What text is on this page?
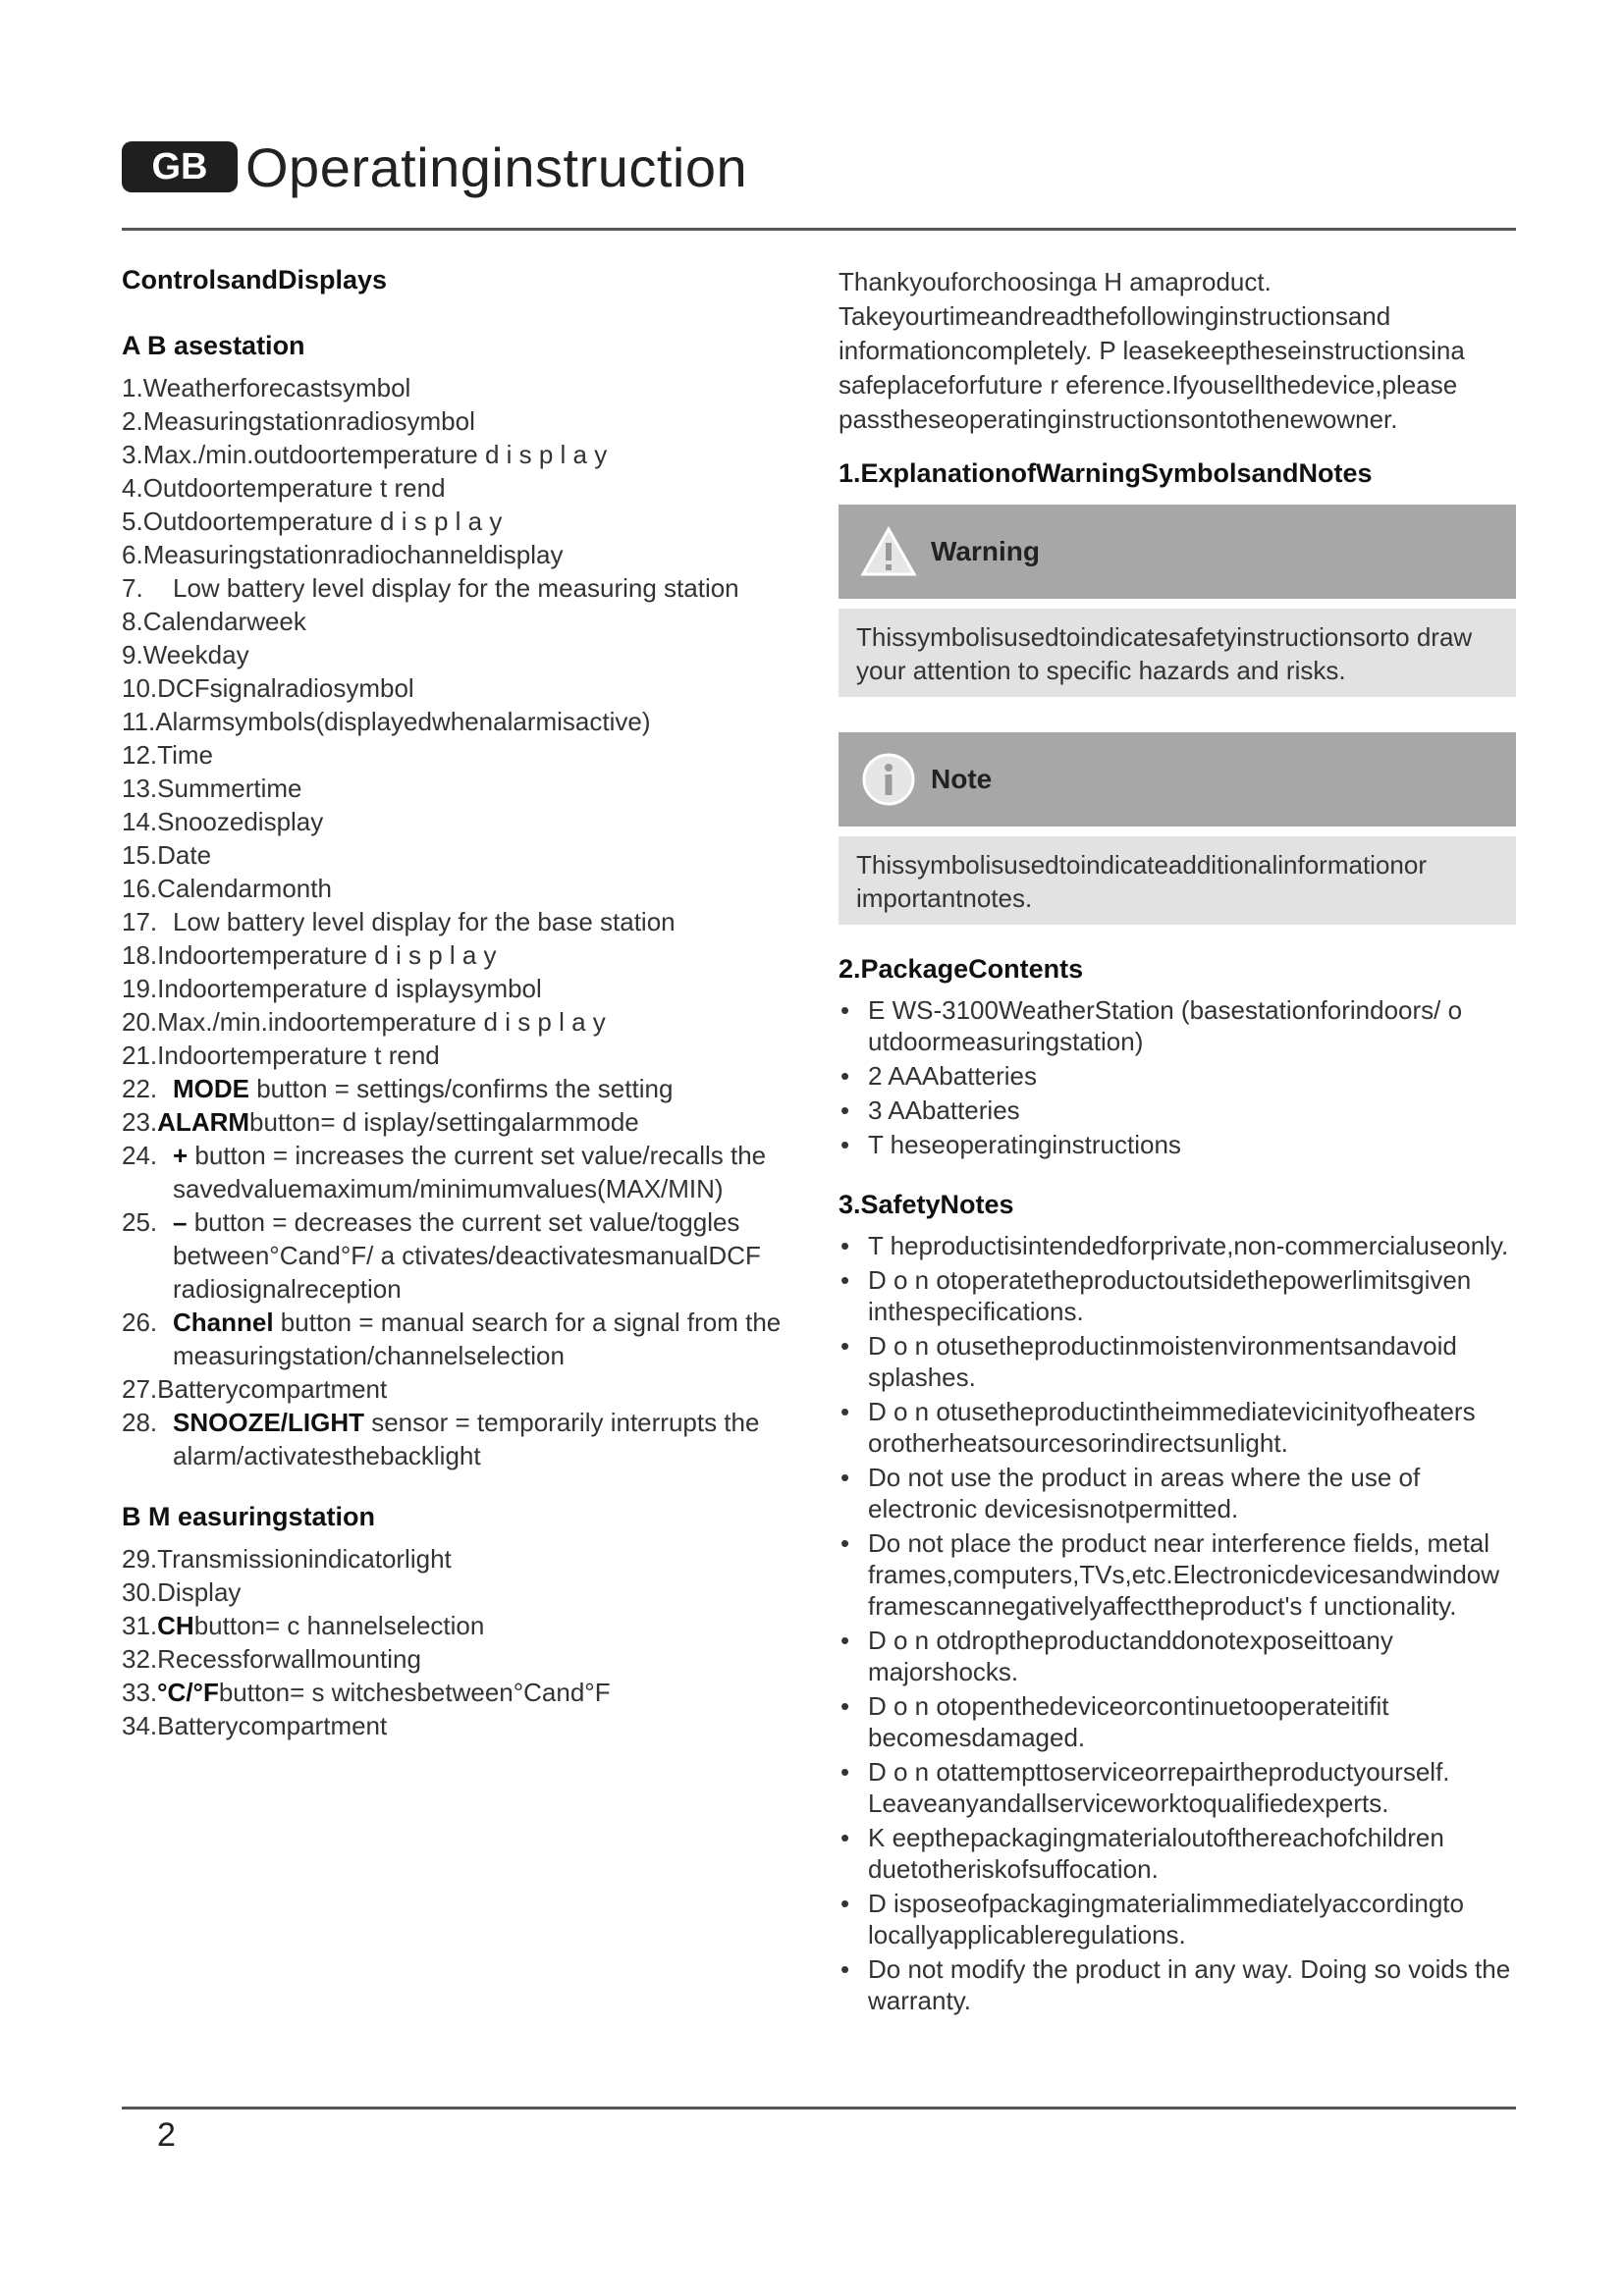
GB Operatinginstruction
ControlsandDisplays
A B asestation
1. Weatherforecastsymbol
2. Measuringstationradiosymbol
3. Max./min.outdoortemperature d i s p l a y
4. Outdoortemperature t rend
5. Outdoortemperature d i s p l a y
6. Measuringstationradiochanneldisplay
7.	Low battery level display for the measuring station
8. Calendarweek
9. Weekday
10. DCFsignalradiosymbol
11. Alarmsymbols(displayedwhenalarmisactive)
12. Time
13. Summertime
14. Snoozedisplay
15. Date
16. Calendarmonth
17. Low battery level display for the base station
18. Indoortemperature d i s p l a y
19. Indoortemperature d isplaysymbol
20. Max./min.indoortemperature d i s p l a y
21. Indoortemperature t rend
22. MODE button = settings/confirms the setting
23. ALARMbutton= d isplay/settingalarmmode
24. + button = increases the current set value/recalls the savedvaluemaximum/minimumvalues(MAX/MIN)
25. – button = decreases the current set value/toggles between°Cand°F/ a ctivates/deactivatesmanualDCF radiosignalreception
26. Channel button = manual search for a signal from the measuringstation/channelselection
27. Batterycompartment
28. SNOOZE/LIGHT sensor = temporarily interrupts the alarm/activatesthebacklight
B M easuringstation
29. Transmissionindicatorlight
30. Display
31. CHbutton= c hannelselection
32. Recessforwallmounting
33. °C/°Fbutton= s witchesbetween°Cand°F
34. Batterycompartment

Thankyouforchoosinga H amaproduct.
Takeyourtimeandreadthefollowinginstructionsand informationcompletely. P leasekeeptheseinstructionsina safeplaceforfuture r eference.Ifyousellthedevice,please passtheseoperatinginstructionsontothenewowner.

1.ExplanationofWarningSymbolsandNotes
Warning
Thissymbolisusedtoindicatesafetyinstructionsorto draw your attention to specific hazards and risks.
Note
Thissymbolisusedtoindicateadditionalinformationor importantnotes.
2.PackageContents
• E WS-3100WeatherStation (basestationforindoors/ o utdoormeasuringstation)
• 2 AAAbatteries
• 3 AAbatteries
• T heseoperatinginstructions
3.SafetyNotes
• T heproductisintendedforprivate,non-commercialuseonly.
• D o n otoperatetheproductoutsidethepowerlimitsgiven inthespecifications.
• D o n otusetheproductinmoistenvironmentsandavoid splashes.
• D o n otusetheproductintheimmediatevicinityofheaters orotherheatsourcesorindirectsunlight.
• Do not use the product in areas where the use of electronic devicesisnotpermitted.
• Do not place the product near interference fields, metal frames,computers,TVs,etc.Electronicdevicesandwindow framescannegativelyaffecttheproduct's f unctionality.
• D o n otdroptheproductanddonotexposeittoany majorshocks.
• D o n otopenthedeviceorcontinuetooperateitifit becomesdamaged.
• D o n otattempttoserviceorrepairtheproductyourself. Leaveanyandallserviceworktoqualifiedexperts.
• K eepthepackagingmaterialoutofthereachofchildren duetotheriskofsuffocation.
• D isposeofpackagingmaterialimmediatelyaccordingto locallyapplicableregulations.
• Do not modify the product in any way. Doing so voids the warranty.
2
